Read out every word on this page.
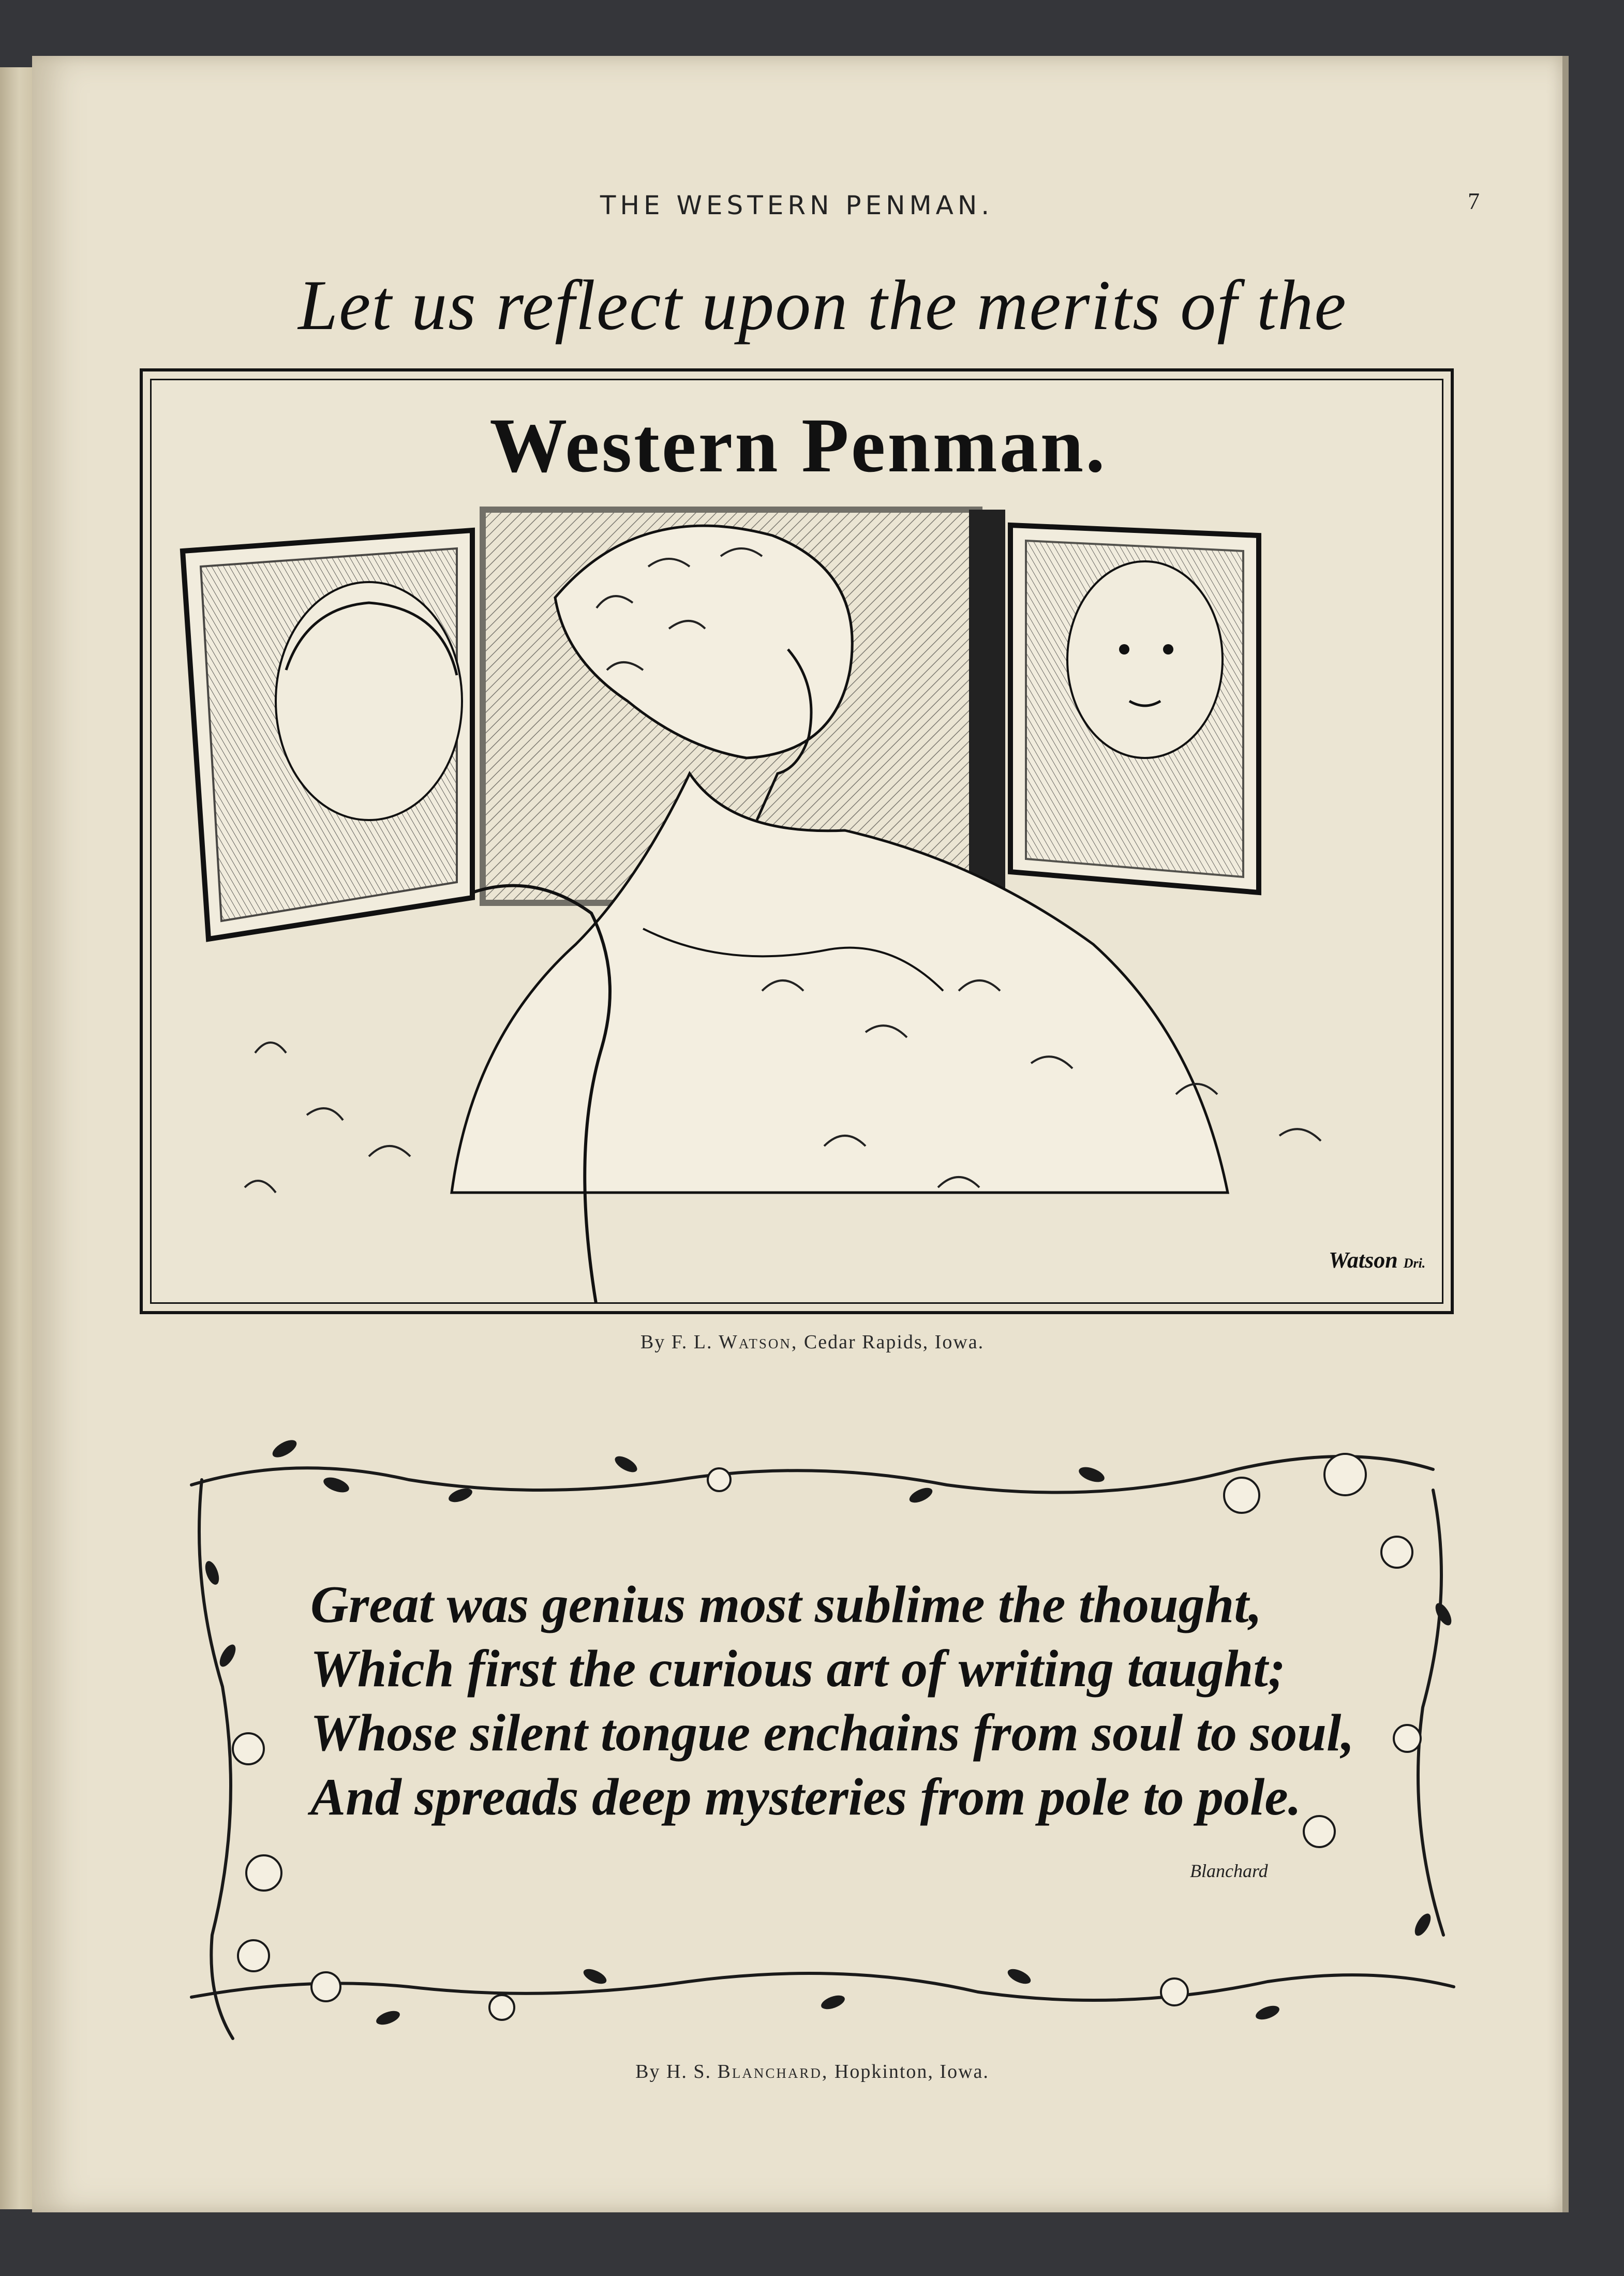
THE WESTERN PENMAN.	7
Let us reflect upon the merits of the
Western Penman.
Watson Dri.
By F. L. Watson, Cedar Rapids, Iowa.
Great was genius most sublime the thought,
Which first the curious art of writing taught;
Whose silent tongue enchains from soul to soul,
And spreads deep mysteries from pole to pole.
Blanchard
By H. S. Blanchard, Hopkinton, Iowa.
